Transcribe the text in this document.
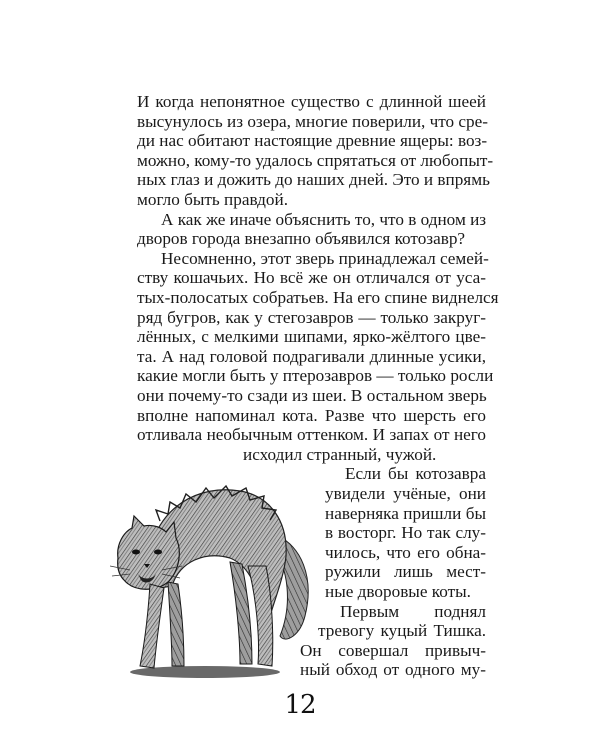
И когда непонятное существо с длинной шеей
высунулось из озера, многие поверили, что сре-
ди нас обитают настоящие древние ящеры: воз-
можно, кому-то удалось спрятаться от любопыт-
ных глаз и дожить до наших дней. Это и впрямь
могло быть правдой.
А как же иначе объяснить то, что в одном из
дворов города внезапно объявился котозавр?
Несомненно, этот зверь принадлежал семей-
ству кошачьих. Но всё же он отличался от уса-
тых-полосатых собратьев. На его спине виднелся
ряд бугров, как у стегозавров — только закруг-
лённых, с мелкими шипами, ярко-жёлтого цве-
та. А над головой подрагивали длинные усики,
какие могли быть у птерозавров — только росли
они почему-то сзади из шеи. В остальном зверь
вполне напоминал кота. Разве что шерсть его
отливала необычным оттенком. И запах от него
исходил странный, чужой.
Если бы котозавра
увидели учёные, они
наверняка пришли бы
в восторг. Но так слу-
чилось, что его обна-
ружили лишь мест-
ные дворовые коты.
Первым поднял
тревогу куцый Тишка.
Он совершал привыч-
ный обход от одного му-
12
